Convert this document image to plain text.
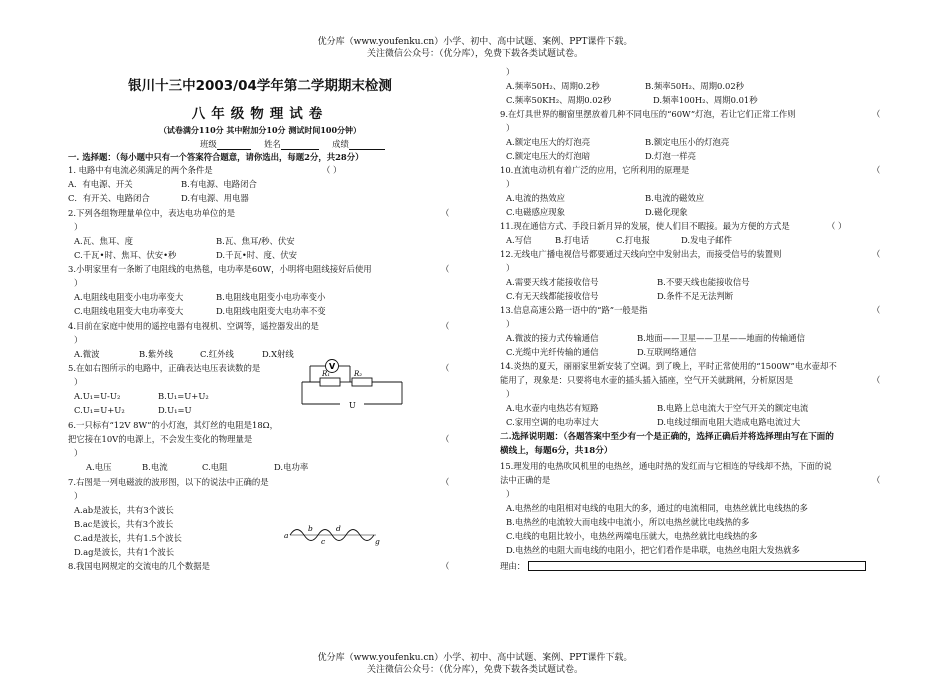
优分库（www.youfenku.cn）小学、初中、高中试题、案例、PPT课件下载。
关注微信公众号：（优分库），免费下载各类试题试卷。
优分库（www.youfenku.cn）小学、初中、高中试题、案例、PPT课件下载。
关注微信公众号：（优分库），免费下载各类试题试卷。
银川十三中2003/04学年第二学期期末检测
八年级物理试卷
（试卷满分110分 其中附加分10分 测试时间100分钟）
班级	姓名	成绩
一. 选择题：（每小题中只有一个答案符合题意，请你选出，每题2分，共28分）
1. 电路中有电流必须满足的两个条件是	（ ）
A．有电源、开关	B.有电源、电路闭合
C．有开关、电路闭合	D.有电源、用电器
2.下列各组物理量单位中，表达电功单位的是	（
）
A.瓦、焦耳、度	B.瓦、焦耳/秒、伏安
C.千瓦•时、焦耳、伏安•秒	D.千瓦•时、度、伏安
3.小明家里有一条断了电阻线的电热毯，电功率是60W，小明将电阻线接好后使用	（
）
A.电阻线电阻变小电功率变大	B.电阻线电阻变小电功率变小
C.电阻线电阻变大电功率变大	D.电阻线电阻变大电功率不变
4.目前在家庭中使用的遥控电器有电视机、空调等，遥控器发出的是	（
）
A.微波	B.紫外线	C.红外线	D.X射线
5.在如右图所示的电路中，正确表达电压表读数的是	（
）
A.U₁=U-U₂	B.U₁=U+U₂
C.U₁=U+U₂	D.U₁=U
V
R₁	R₂
U
6.一只标有“12V 8W”的小灯泡，其灯丝的电阻是18Ω，
把它接在10V的电源上，不会发生变化的物理量是	（
）
A.电压	B.电流	C.电阻	D.电功率
7.右图是一列电磁波的波形图，以下的说法中正确的是	（
）
A.ab是波长，共有3个波长
B.ac是波长，共有3个波长
C.ad是波长，共有1.5个波长
D.ag是波长，共有1个波长
a
b
c
d
g
8.我国电网规定的交流电的几个数据是	（
）
A.频率50H₂、周期0.2秒	B.频率50H₂、周期0.02秒
C.频率50KH₂、周期0.02秒	D.频率100H₂、周期0.01秒
9.在灯具世界的橱窗里摆放着几种不同电压的“60W”灯泡，若让它们正常工作则	（
）
A.额定电压大的灯泡亮	B.额定电压小的灯泡亮
C.额定电压大的灯泡暗	D.灯泡一样亮
10.直流电动机有着广泛的应用，它所利用的原理是	（
）
A.电流的热效应	B.电流的磁效应
C.电磁感应现象	D.磁化现象
11.现在通信方式、手段日新月异的发展，使人们目不暇接。最为方便的方式是	（ ）
A.写信	B.打电话	C.打电报	D.发电子邮件
12.无线电广播电视信号都要通过天线向空中发射出去，而接受信号的装置则	（
）
A.需要天线才能接收信号	B.不要天线也能接收信号
C.有无天线都能接收信号	D.条件不足无法判断
13.信息高速公路一语中的“路”一般是指	（
）
A.微波的接力式传输通信	B.地面——卫星——卫星——地面的传输通信
C.光缆中光纤传输的通信	D.互联网络通信
14.炎热的夏天，丽丽家里新安装了空调。到了晚上，平时正常使用的“1500W”电水壶却不
能用了，现象是：只要将电水壶的插头插入插座，空气开关就跳闸，分析原因是	（
）
A.电水壶内电热芯有短路	B.电路上总电流大于空气开关的额定电流
C.家用空调的电功率过大	D.电线过细而电阻大造成电路电流过大
二.选择说明题：（各题答案中至少有一个是正确的，选择正确后并将选择理由写在下面的
横线上，每题6分，共18分）
15.理发用的电热吹风机里的电热丝，通电时热的发红而与它相连的导线却不热，下面的说
法中正确的是	（
）
A.电热丝的电阻相对电线的电阻大的多，通过的电流相同，电热丝就比电线热的多
B.电热丝的电流较大而电线中电流小，所以电热丝就比电线热的多
C.电线的电阻比较小，电热丝两端电压就大，电热丝就比电线热的多
D.电热丝的电阻大而电线的电阻小，把它们看作是串联，电热丝电阻大发热就多
理由：
